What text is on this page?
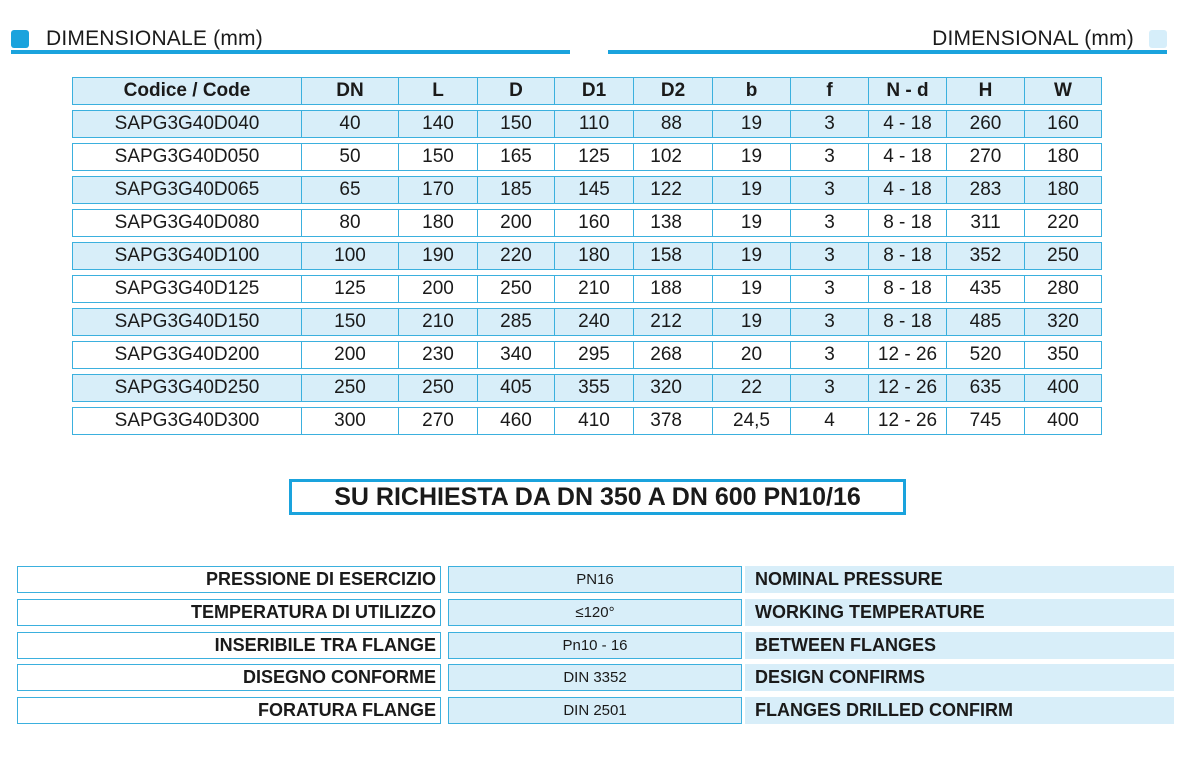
DIMENSIONALE (mm)	DIMENSIONAL (mm)
Codice / Code	DN	L	D	D1	D2	b	f	N - d	H	W
SAPG3G40D040	40	140	150	110	88	19	3	4 - 18	260	160
SAPG3G40D050	50	150	165	125	102	19	3	4 - 18	270	180
SAPG3G40D065	65	170	185	145	122	19	3	4 - 18	283	180
SAPG3G40D080	80	180	200	160	138	19	3	8 - 18	311	220
SAPG3G40D100	100	190	220	180	158	19	3	8 - 18	352	250
SAPG3G40D125	125	200	250	210	188	19	3	8 - 18	435	280
SAPG3G40D150	150	210	285	240	212	19	3	8 - 18	485	320
SAPG3G40D200	200	230	340	295	268	20	3	12 - 26	520	350
SAPG3G40D250	250	250	405	355	320	22	3	12 - 26	635	400
SAPG3G40D300	300	270	460	410	378	24,5	4	12 - 26	745	400
SU RICHIESTA DA DN 350 A DN 600 PN10/16
PRESSIONE DI ESERCIZIO	PN16	NOMINAL PRESSURE
TEMPERATURA DI UTILIZZO	≤120°	WORKING TEMPERATURE
INSERIBILE TRA FLANGE	Pn10 - 16	BETWEEN FLANGES
DISEGNO CONFORME	DIN 3352	DESIGN CONFIRMS
FORATURA FLANGE	DIN 2501	FLANGES DRILLED CONFIRM
